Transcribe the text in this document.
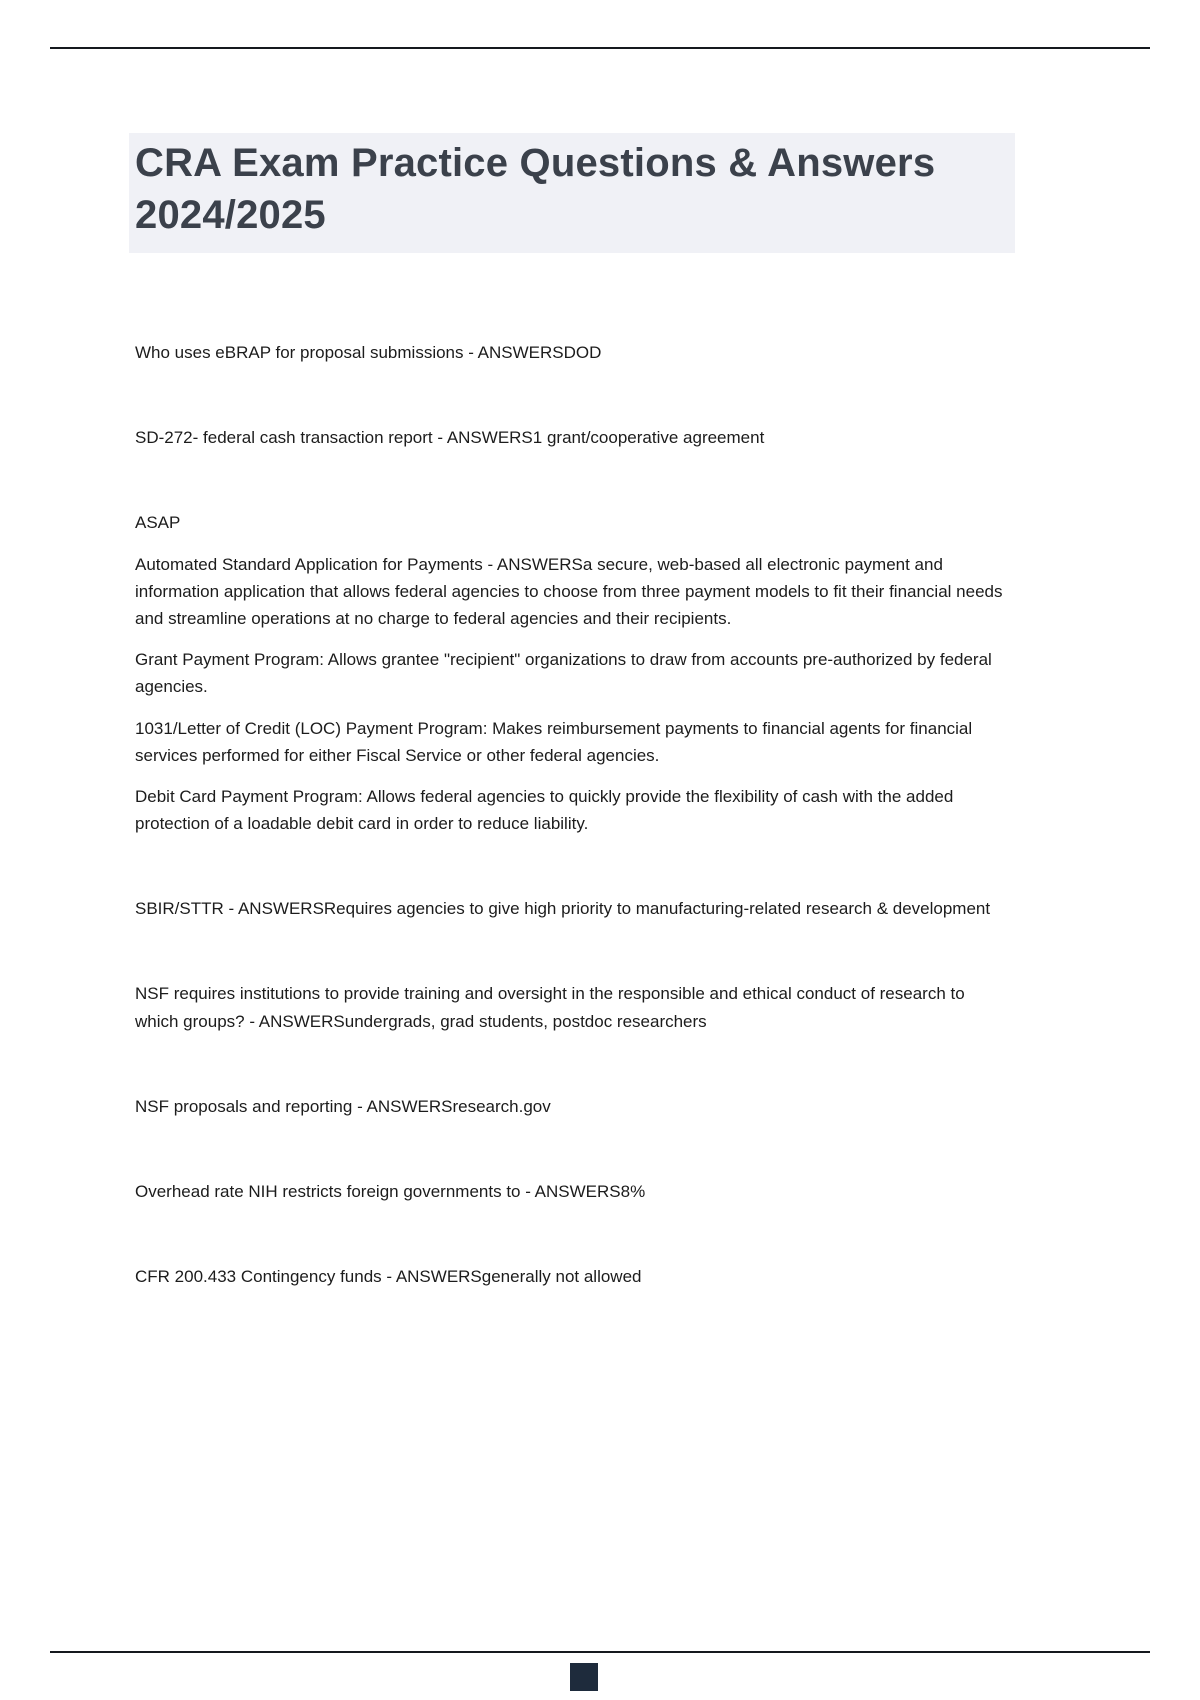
CRA Exam Practice Questions & Answers 2024/2025

Who uses eBRAP for proposal submissions - ANSWERSDOD

SD-272- federal cash transaction report - ANSWERS1 grant/cooperative agreement

ASAP

Automated Standard Application for Payments - ANSWERSa secure, web-based all electronic payment and information application that allows federal agencies to choose from three payment models to fit their financial needs and streamline operations at no charge to federal agencies and their recipients.

Grant Payment Program: Allows grantee "recipient" organizations to draw from accounts pre-authorized by federal agencies.

1031/Letter of Credit (LOC) Payment Program: Makes reimbursement payments to financial agents for financial services performed for either Fiscal Service or other federal agencies.

Debit Card Payment Program: Allows federal agencies to quickly provide the flexibility of cash with the added protection of a loadable debit card in order to reduce liability.

SBIR/STTR - ANSWERSRequires agencies to give high priority to manufacturing-related research & development

NSF requires institutions to provide training and oversight in the responsible and ethical conduct of research to which groups? - ANSWERSundergrads, grad students, postdoc researchers

NSF proposals and reporting - ANSWERSresearch.gov

Overhead rate NIH restricts foreign governments to - ANSWERS8%

CFR 200.433 Contingency funds - ANSWERSgenerally not allowed
